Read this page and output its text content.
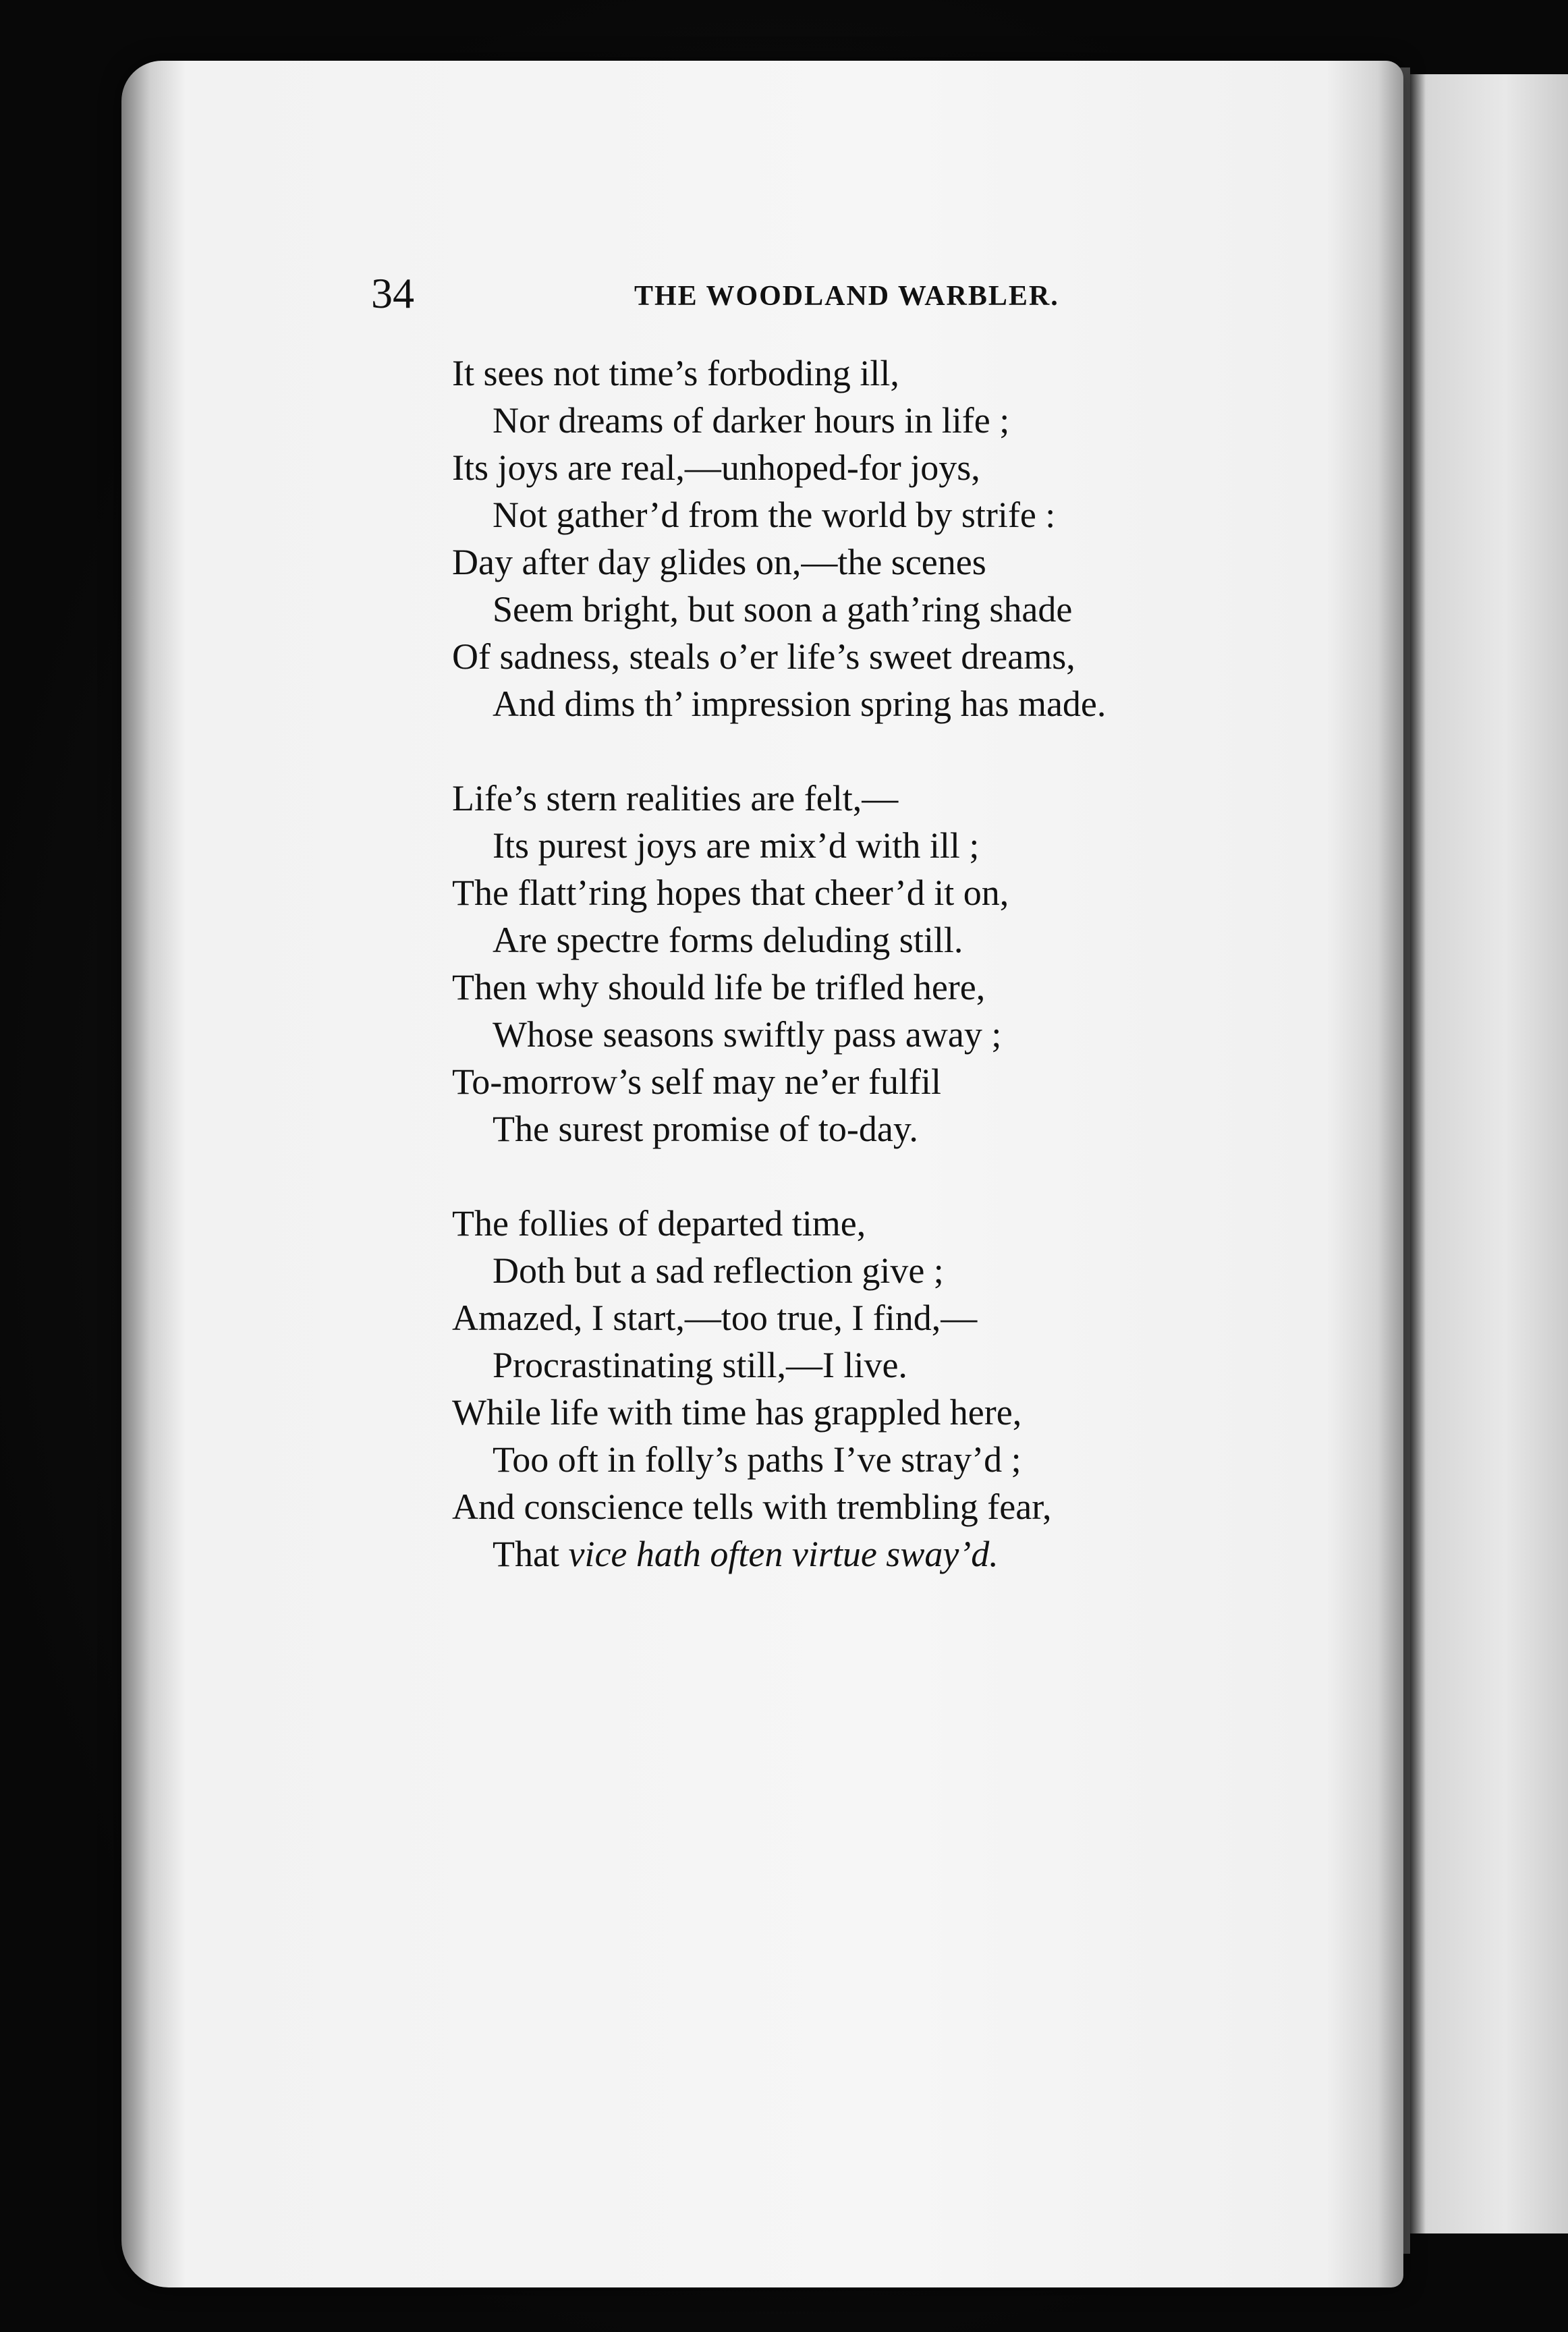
34	THE WOODLAND WARBLER.
It sees not time’s forboding ill,
Nor dreams of darker hours in life ;
Its joys are real,—unhoped-for joys,
Not gather’d from the world by strife :
Day after day glides on,—the scenes
Seem bright, but soon a gath’ring shade
Of sadness, steals o’er life’s sweet dreams,
And dims th’ impression spring has made.
Life’s stern realities are felt,—
Its purest joys are mix’d with ill ;
The flatt’ring hopes that cheer’d it on,
Are spectre forms deluding still.
Then why should life be trifled here,
Whose seasons swiftly pass away ;
To-morrow’s self may ne’er fulfil
The surest promise of to-day.
The follies of departed time,
Doth but a sad reflection give ;
Amazed, I start,—too true, I find,—
Procrastinating still,—I live.
While life with time has grappled here,
Too oft in folly’s paths I’ve stray’d ;
And conscience tells with trembling fear,
That vice hath often virtue sway’d.
